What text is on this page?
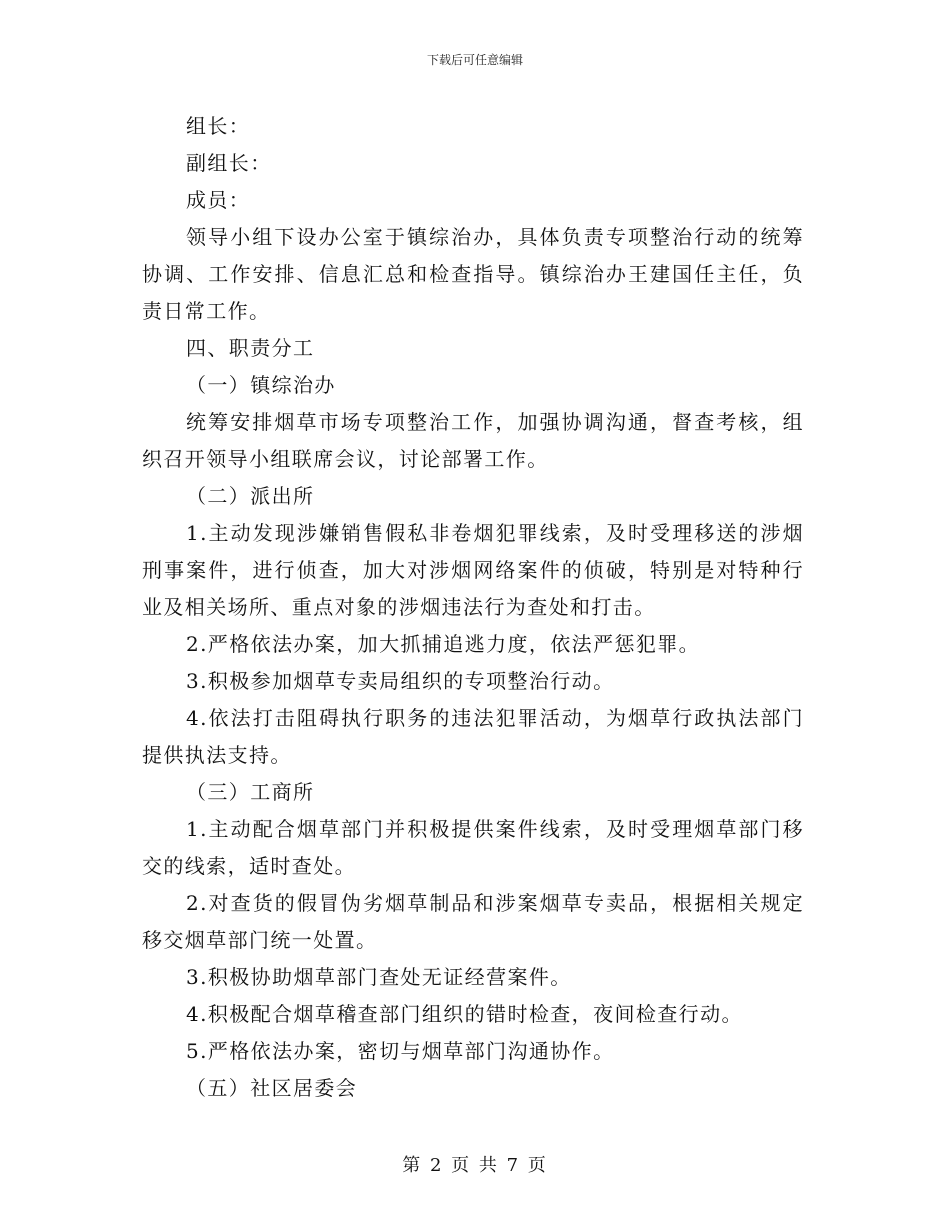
下载后可任意编辑

组长：

副组长：

成员：

领导小组下设办公室于镇综治办，具体负责专项整治行动的统筹协调、工作安排、信息汇总和检查指导。镇综治办王建国任主任，负责日常工作。

四、职责分工

（一）镇综治办

统筹安排烟草市场专项整治工作，加强协调沟通，督查考核，组织召开领导小组联席会议，讨论部署工作。

（二）派出所

1.主动发现涉嫌销售假私非卷烟犯罪线索，及时受理移送的涉烟刑事案件，进行侦查，加大对涉烟网络案件的侦破，特别是对特种行业及相关场所、重点对象的涉烟违法行为查处和打击。

2.严格依法办案，加大抓捕追逃力度，依法严惩犯罪。

3.积极参加烟草专卖局组织的专项整治行动。

4.依法打击阻碍执行职务的违法犯罪活动，为烟草行政执法部门提供执法支持。

（三）工商所

1.主动配合烟草部门并积极提供案件线索，及时受理烟草部门移交的线索，适时查处。

2.对查货的假冒伪劣烟草制品和涉案烟草专卖品，根据相关规定移交烟草部门统一处置。

3.积极协助烟草部门查处无证经营案件。

4.积极配合烟草稽查部门组织的错时检查，夜间检查行动。

5.严格依法办案，密切与烟草部门沟通协作。

（五）社区居委会

第 2 页 共 7 页
